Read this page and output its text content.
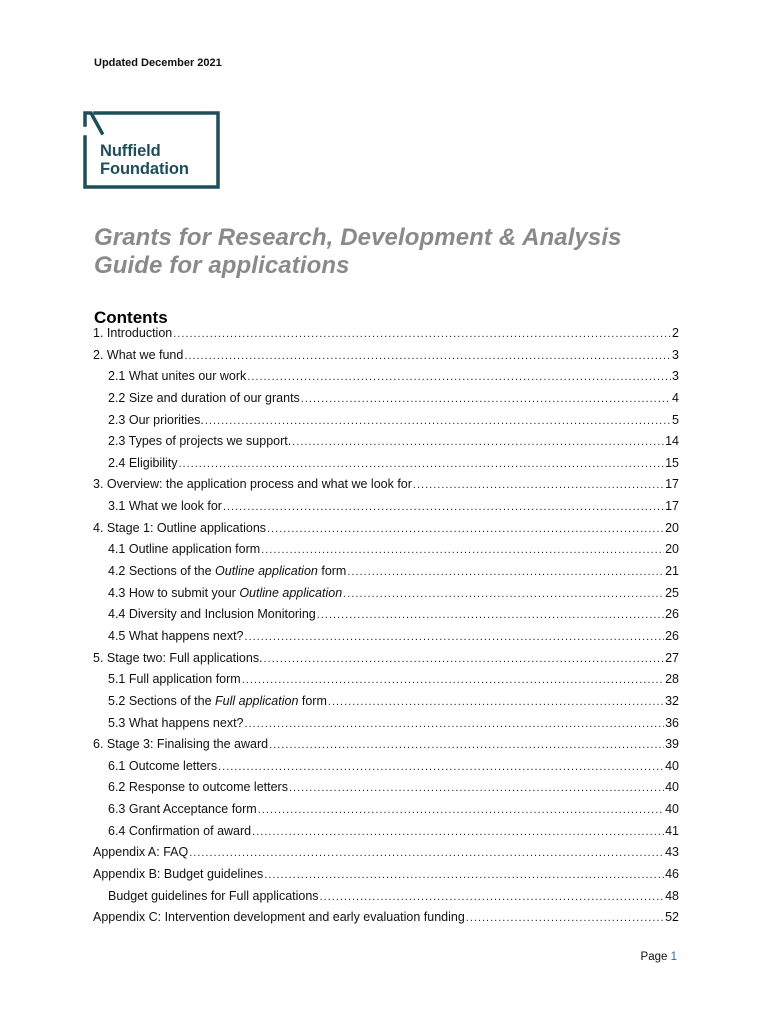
Updated December 2021
Nuffield
Foundation
Grants for Research, Development & Analysis
Guide for applications
Contents
1. Introduction .....	2
2. What we fund .....	3
2.1 What unites our work .....	3
2.2 Size and duration of our grants .....	4
2.3 Our priorities. .....	5
2.3 Types of projects we support. .....	14
2.4 Eligibility .....	15
3. Overview: the application process and what we look for .....	17
3.1 What we look for .....	17
4. Stage 1: Outline applications .....	20
4.1 Outline application form .....	20
4.2 Sections of the Outline application form .....	21
4.3 How to submit your Outline application .....	25
4.4 Diversity and Inclusion Monitoring .....	26
4.5 What happens next? .....	26
5. Stage two: Full applications. .....	27
5.1 Full application form .....	28
5.2 Sections of the Full application form .....	32
5.3 What happens next? .....	36
6. Stage 3: Finalising the award .....	39
6.1 Outcome letters .....	40
6.2 Response to outcome letters .....	40
6.3 Grant Acceptance form .....	40
6.4 Confirmation of award .....	41
Appendix A: FAQ .....	43
Appendix B: Budget guidelines .....	46
Budget guidelines for Full applications .....	48
Appendix C: Intervention development and early evaluation funding .....	52
Page 1
